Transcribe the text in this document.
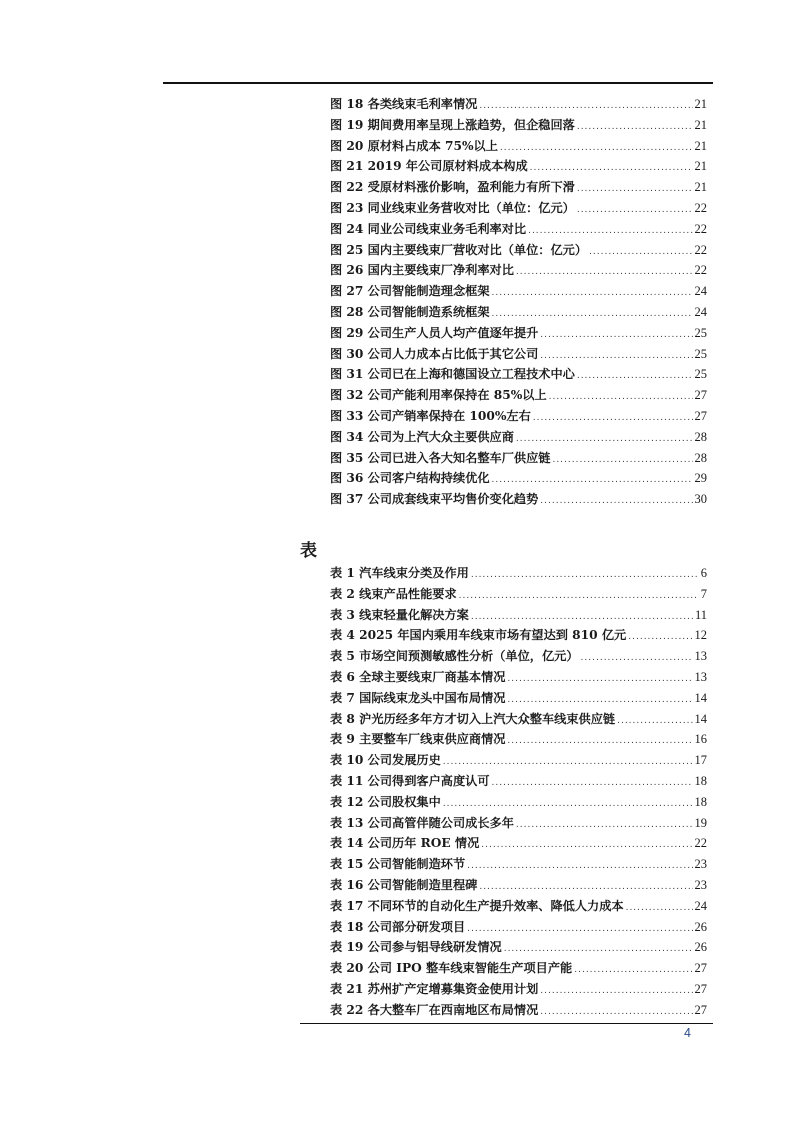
图 18 各类线束毛利率情况 .....	21
图 19 期间费用率呈现上涨趋势，但企稳回落 .....	21
图 20 原材料占成本 75%以上 .....	21
图 21 2019 年公司原材料成本构成 .....	21
图 22 受原材料涨价影响，盈利能力有所下滑 .....	21
图 23 同业线束业务营收对比（单位：亿元） .....	22
图 24 同业公司线束业务毛利率对比 .....	22
图 25 国内主要线束厂营收对比（单位：亿元） .....	22
图 26 国内主要线束厂净利率对比 .....	22
图 27 公司智能制造理念框架 .....	24
图 28 公司智能制造系统框架 .....	24
图 29 公司生产人员人均产值逐年提升 .....	25
图 30 公司人力成本占比低于其它公司 .....	25
图 31 公司已在上海和德国设立工程技术中心 .....	25
图 32 公司产能利用率保持在 85%以上 .....	27
图 33 公司产销率保持在 100%左右 .....	27
图 34 公司为上汽大众主要供应商 .....	28
图 35 公司已进入各大知名整车厂供应链 .....	28
图 36 公司客户结构持续优化 .....	29
图 37 公司成套线束平均售价变化趋势 .....	30
表
表 1 汽车线束分类及作用 .....	6
表 2 线束产品性能要求 .....	7
表 3 线束轻量化解决方案 .....	11
表 4 2025 年国内乘用车线束市场有望达到 810 亿元 .....	12
表 5 市场空间预测敏感性分析（单位，亿元） .....	13
表 6 全球主要线束厂商基本情况 .....	13
表 7 国际线束龙头中国布局情况 .....	14
表 8 沪光历经多年方才切入上汽大众整车线束供应链 .....	14
表 9 主要整车厂线束供应商情况 .....	16
表 10 公司发展历史 .....	17
表 11 公司得到客户高度认可 .....	18
表 12 公司股权集中 .....	18
表 13 公司高管伴随公司成长多年 .....	19
表 14 公司历年 ROE 情况 .....	22
表 15 公司智能制造环节 .....	23
表 16 公司智能制造里程碑 .....	23
表 17 不同环节的自动化生产提升效率、降低人力成本 .....	24
表 18 公司部分研发项目 .....	26
表 19 公司参与铝导线研发情况 .....	26
表 20 公司 IPO 整车线束智能生产项目产能 .....	27
表 21 苏州扩产定增募集资金使用计划 .....	27
表 22 各大整车厂在西南地区布局情况 .....	27
4
